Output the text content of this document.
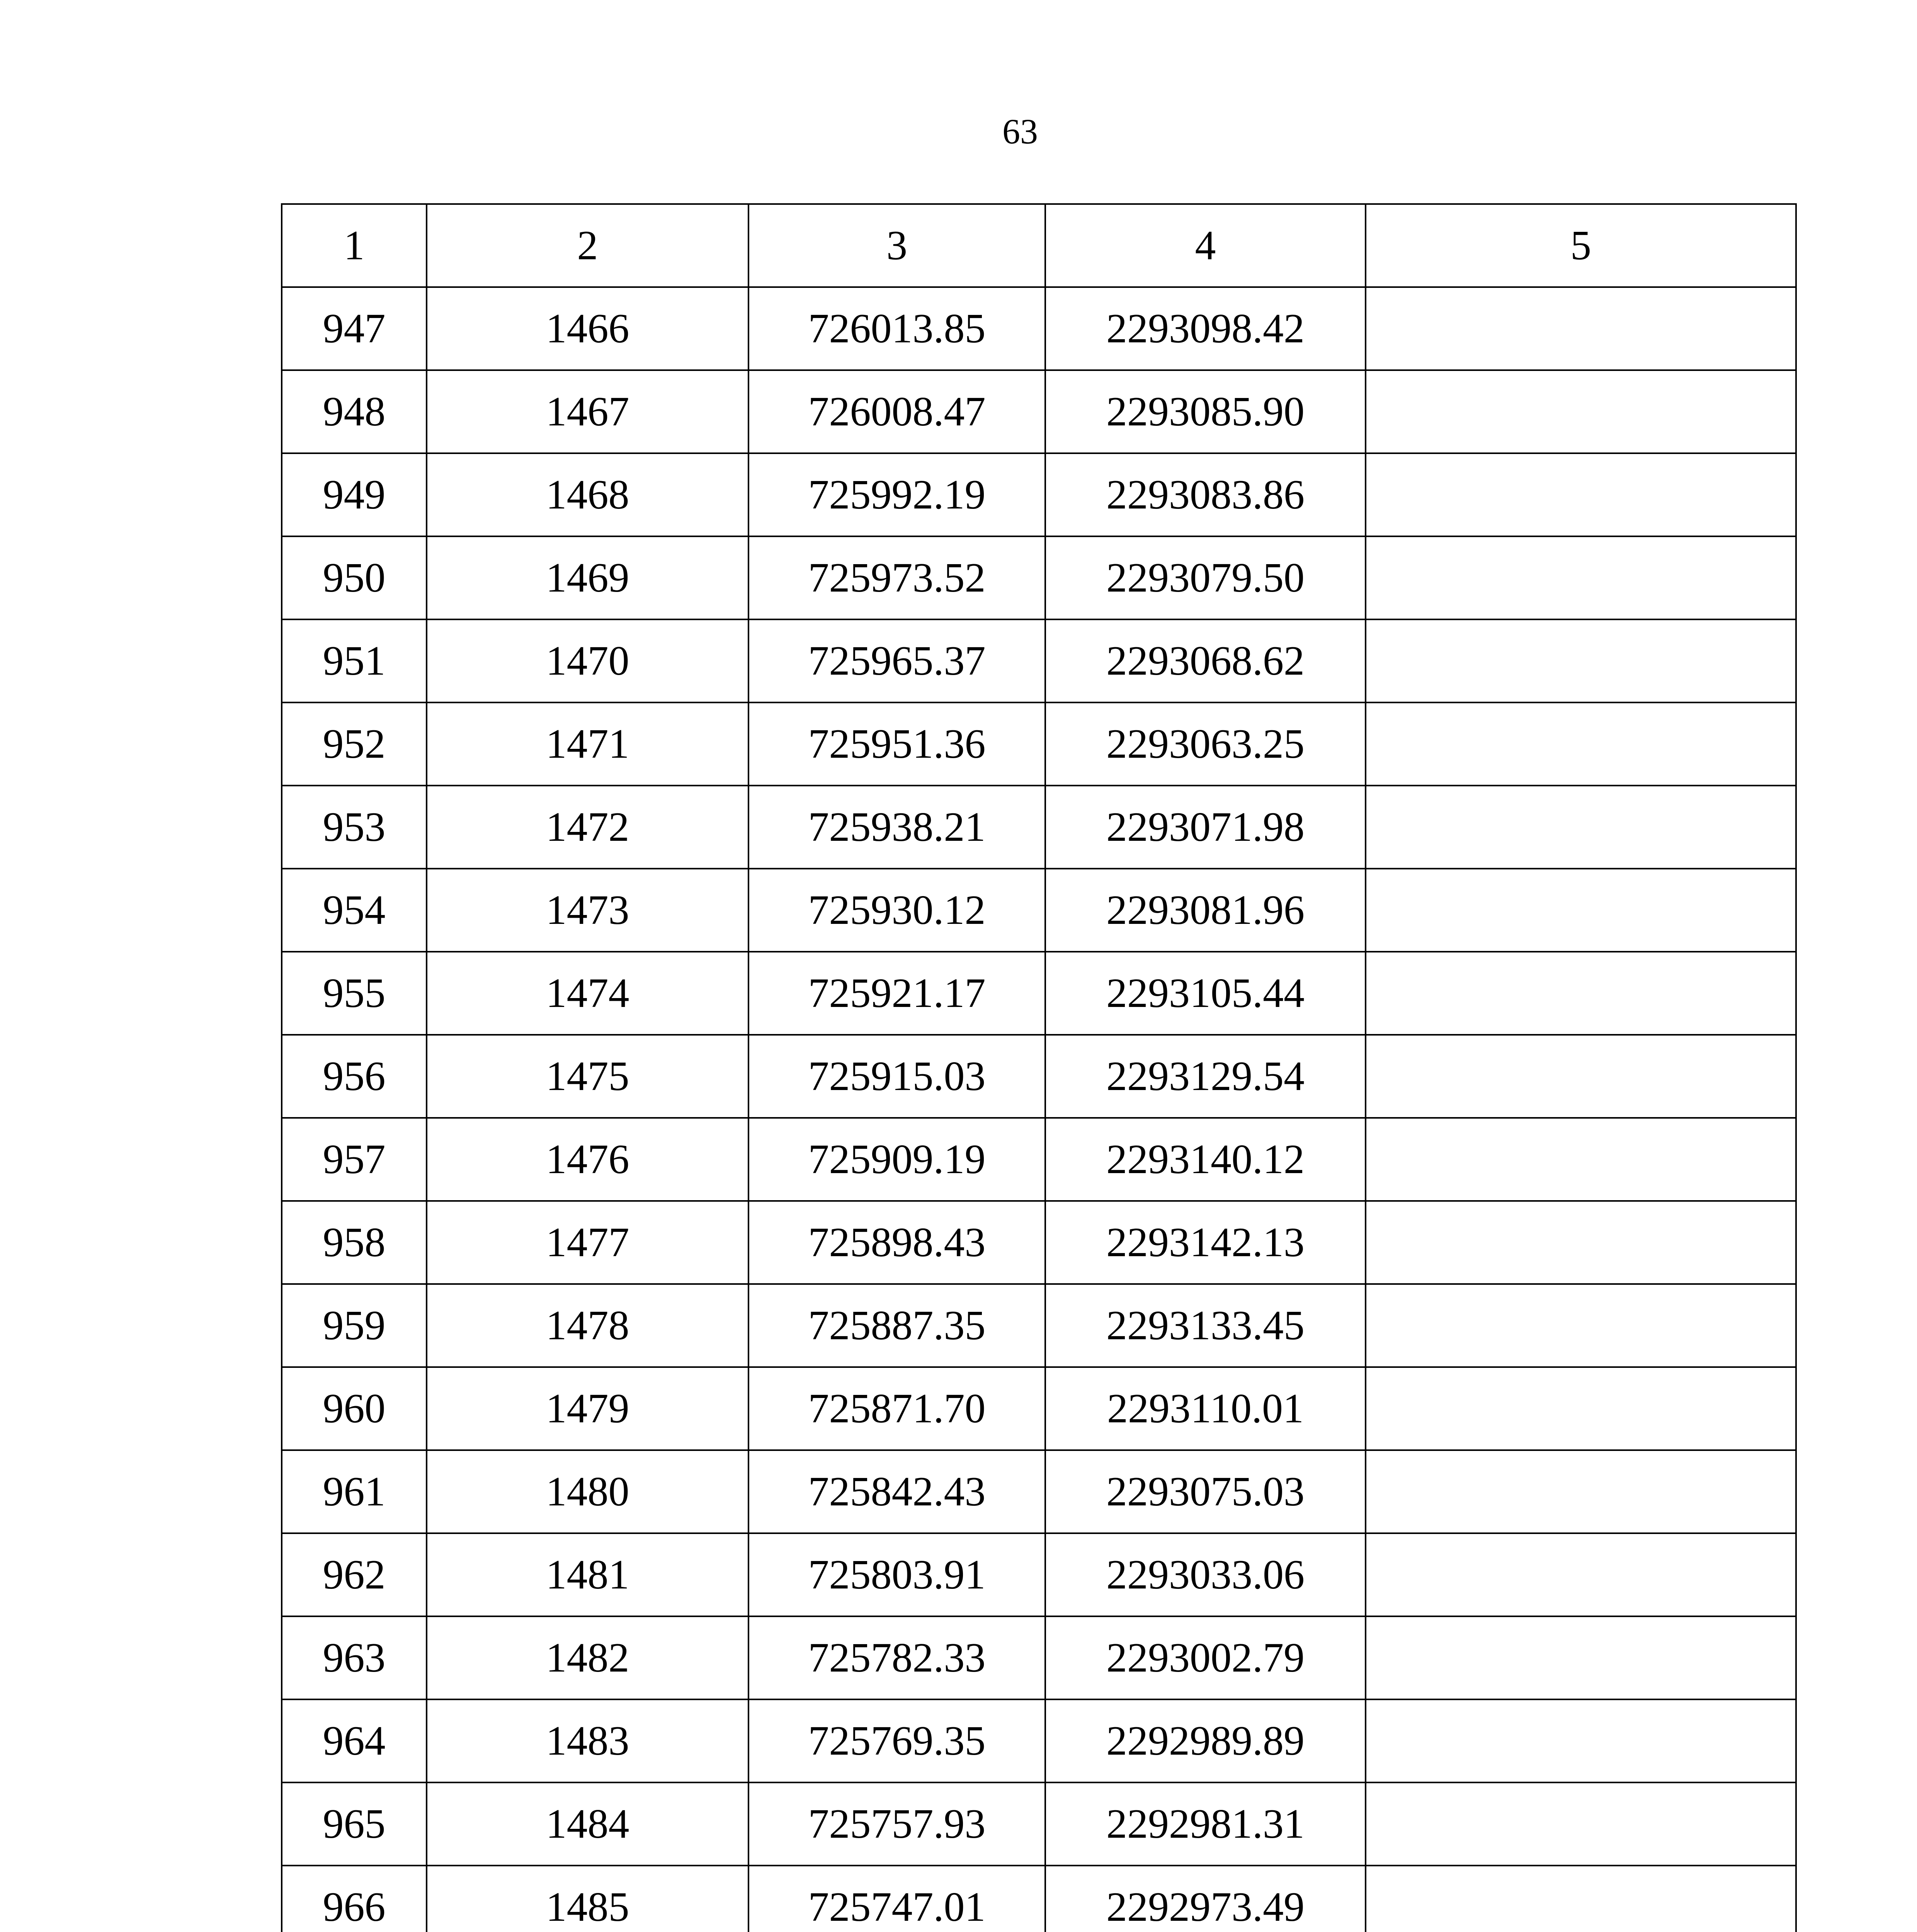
63
1	2	3	4	5
947	1466	726013.85	2293098.42	
948	1467	726008.47	2293085.90	
949	1468	725992.19	2293083.86	
950	1469	725973.52	2293079.50	
951	1470	725965.37	2293068.62	
952	1471	725951.36	2293063.25	
953	1472	725938.21	2293071.98	
954	1473	725930.12	2293081.96	
955	1474	725921.17	2293105.44	
956	1475	725915.03	2293129.54	
957	1476	725909.19	2293140.12	
958	1477	725898.43	2293142.13	
959	1478	725887.35	2293133.45	
960	1479	725871.70	2293110.01	
961	1480	725842.43	2293075.03	
962	1481	725803.91	2293033.06	
963	1482	725782.33	2293002.79	
964	1483	725769.35	2292989.89	
965	1484	725757.93	2292981.31	
966	1485	725747.01	2292973.49	
